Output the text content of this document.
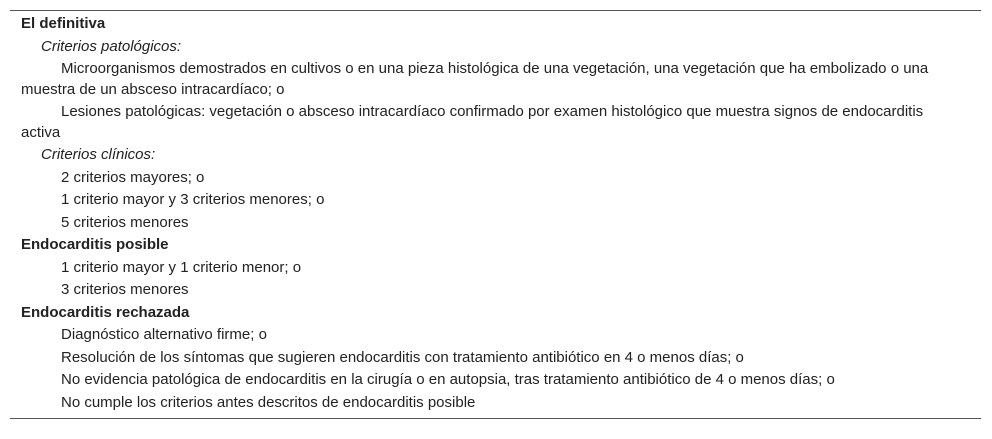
El definitiva
Criterios patológicos:
Microorganismos demostrados en cultivos o en una pieza histológica de una vegetación, una vegetación que ha embolizado o una muestra de un absceso intracardíaco; o
Lesiones patológicas: vegetación o absceso intracardíaco confirmado por examen histológico que muestra signos de endocarditis activa
Criterios clínicos:
2 criterios mayores; o
1 criterio mayor y 3 criterios menores; o
5 criterios menores
Endocarditis posible
1 criterio mayor y 1 criterio menor; o
3 criterios menores
Endocarditis rechazada
Diagnóstico alternativo firme; o
Resolución de los síntomas que sugieren endocarditis con tratamiento antibiótico en 4 o menos días; o
No evidencia patológica de endocarditis en la cirugía o en autopsia, tras tratamiento antibiótico de 4 o menos días; o
No cumple los criterios antes descritos de endocarditis posible
